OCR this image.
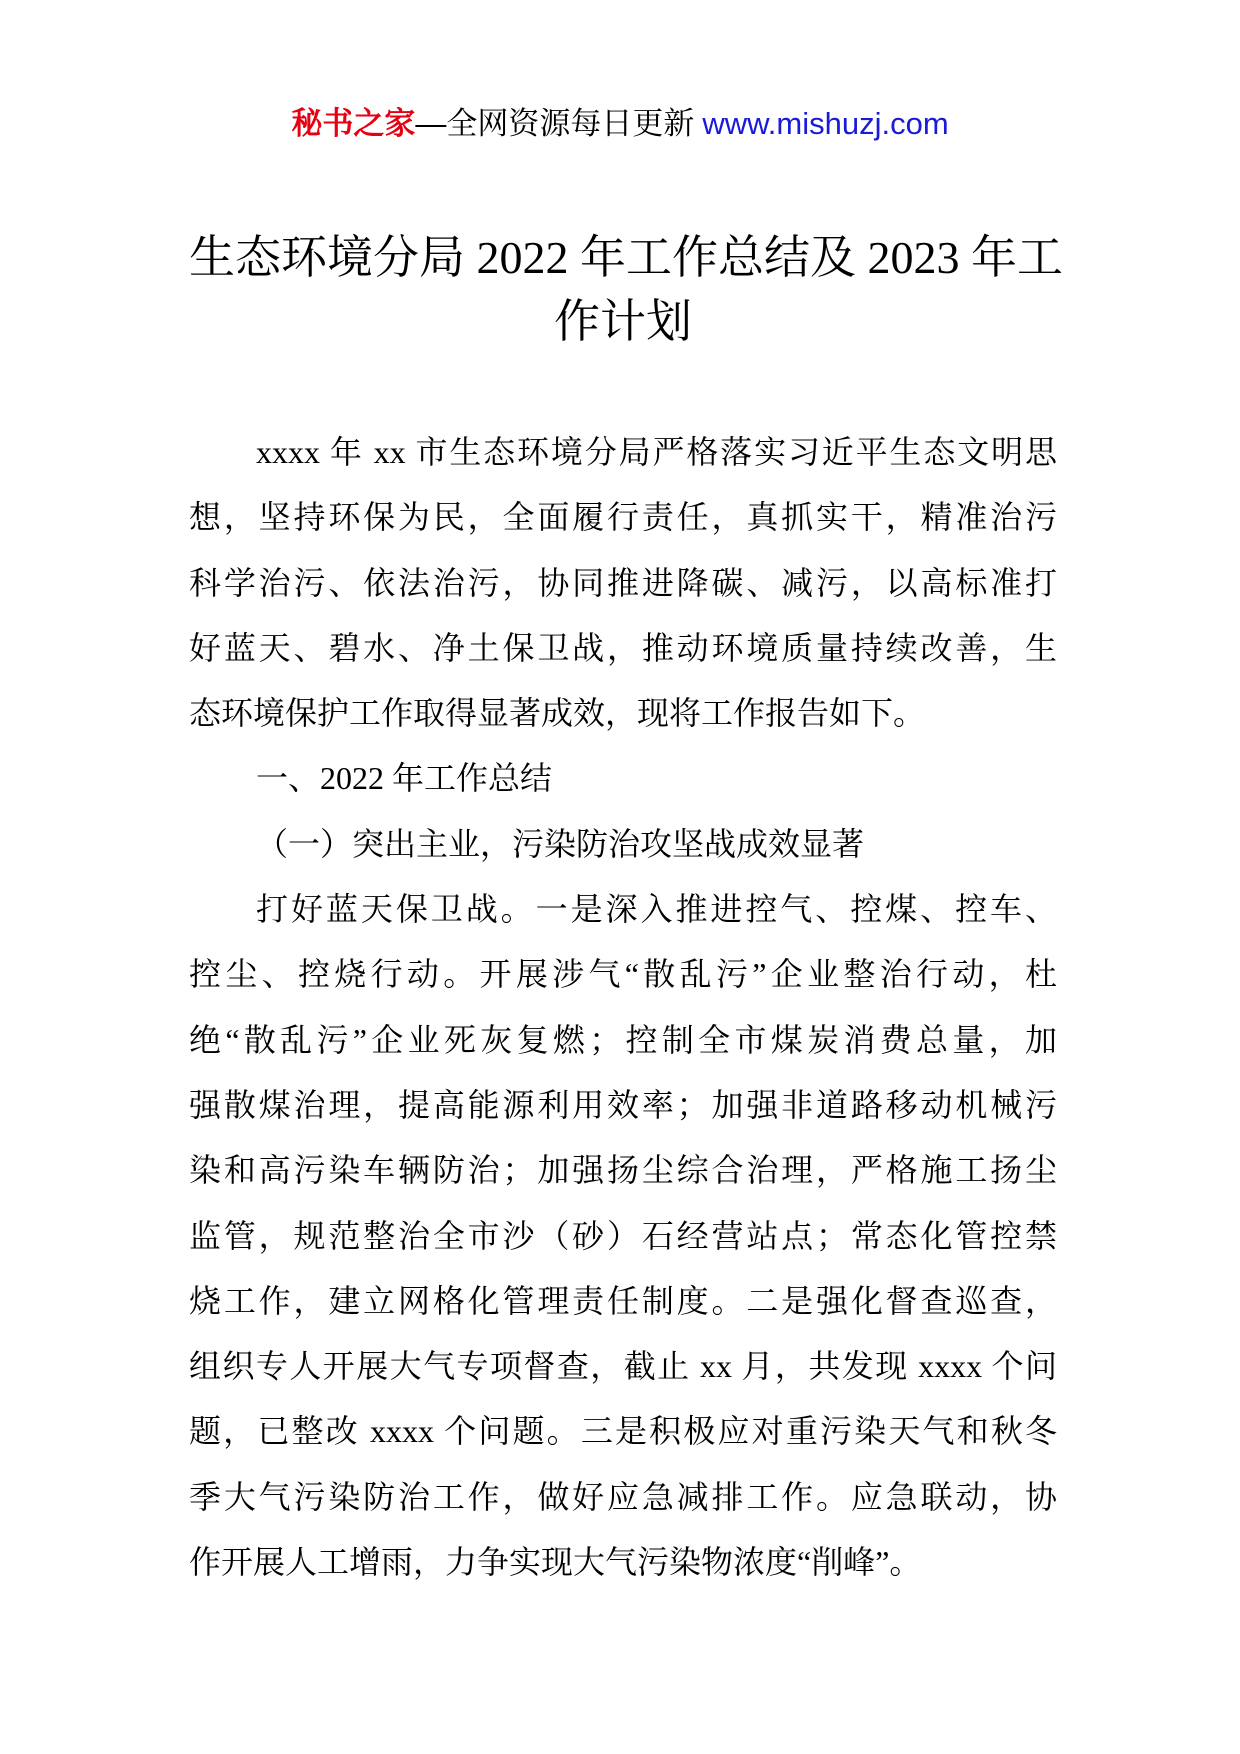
秘书之家—全网资源每日更新 www.mishuzj.com
生态环境分局 2022 年工作总结及 2023 年工
作计划
xxxx 年 xx 市生态环境分局严格落实习近平生态文明思
想，坚持环保为民，全面履行责任，真抓实干，精准治污
科学治污、依法治污，协同推进降碳、减污，以高标准打
好蓝天、碧水、净土保卫战，推动环境质量持续改善，生
态环境保护工作取得显著成效，现将工作报告如下。
一、2022 年工作总结
（一）突出主业，污染防治攻坚战成效显著
打好蓝天保卫战。一是深入推进控气、控煤、控车、
控尘、控烧行动。开展涉气“散乱污”企业整治行动，杜
绝“散乱污”企业死灰复燃；控制全市煤炭消费总量，加
强散煤治理，提高能源利用效率；加强非道路移动机械污
染和高污染车辆防治；加强扬尘综合治理，严格施工扬尘
监管，规范整治全市沙（砂）石经营站点；常态化管控禁
烧工作，建立网格化管理责任制度。二是强化督查巡查，
组织专人开展大气专项督查，截止 xx 月，共发现 xxxx 个问
题，已整改 xxxx 个问题。三是积极应对重污染天气和秋冬
季大气污染防治工作，做好应急减排工作。应急联动，协
作开展人工增雨，力争实现大气污染物浓度“削峰”。
